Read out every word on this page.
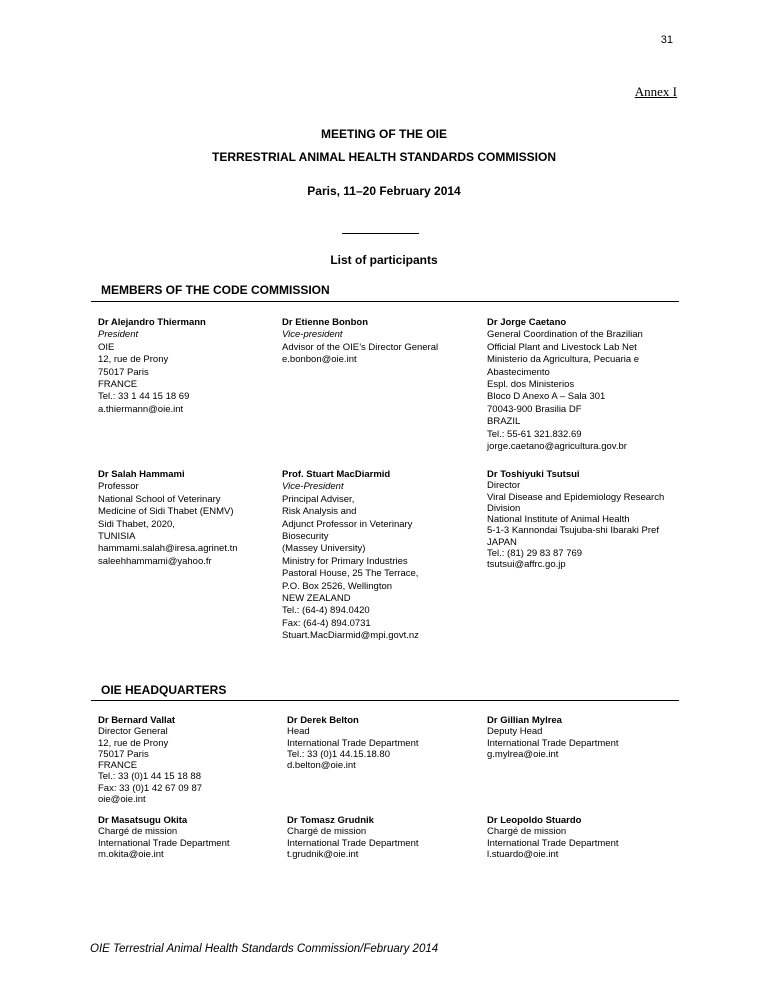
31
Annex I
MEETING OF THE OIE
TERRESTRIAL ANIMAL HEALTH STANDARDS COMMISSION
Paris, 11–20 February 2014
List of participants
MEMBERS OF THE CODE COMMISSION
Dr Alejandro Thiermann
President
OIE
12, rue de Prony
75017 Paris
FRANCE
Tel.: 33 1 44 15 18 69
a.thiermann@oie.int
Dr Etienne Bonbon
Vice-president
Advisor of the OIE’s Director General
e.bonbon@oie.int
Dr Jorge Caetano
General Coordination of the Brazilian
Official Plant and Livestock Lab Net
Ministerio da Agricultura, Pecuaria e
Abastecimento
Espl. dos Ministerios
Bloco D Anexo A – Sala 301
70043-900 Brasilia DF
BRAZIL
Tel.: 55-61 321.832.69
jorge.caetano@agricultura.gov.br
Dr Salah Hammami
Professor
National School of Veterinary
Medicine of Sidi Thabet (ENMV)
Sidi Thabet, 2020,
TUNISIA
hammami.salah@iresa.agrinet.tn
saleehhammami@yahoo.fr
Prof. Stuart MacDiarmid
Vice-President
Principal Adviser,
Risk Analysis and
Adjunct Professor in Veterinary
Biosecurity
(Massey University)
Ministry for Primary Industries
Pastoral House, 25 The Terrace,
P.O. Box 2526, Wellington
NEW ZEALAND
Tel.: (64-4) 894.0420
Fax: (64-4) 894.0731
Stuart.MacDiarmid@mpi.govt.nz
Dr Toshiyuki Tsutsui
Director
Viral Disease and Epidemiology Research
Division
National Institute of Animal Health
5-1-3 Kannondai Tsujuba-shi Ibaraki Pref
JAPAN
Tel.: (81) 29 83 87 769
tsutsui@affrc.go.jp
OIE HEADQUARTERS
Dr Bernard Vallat
Director General
12, rue de Prony
75017 Paris
FRANCE
Tel.: 33 (0)1 44 15 18 88
Fax: 33 (0)1 42 67 09 87
oie@oie.int
Dr Derek Belton
Head
International Trade Department
Tel.: 33 (0)1 44.15.18.80
d.belton@oie.int
Dr Gillian Mylrea
Deputy Head
International Trade Department
g.mylrea@oie.int
Dr Masatsugu Okita
Chargé de mission
International Trade Department
m.okita@oie.int
Dr Tomasz Grudnik
Chargé de mission
International Trade Department
t.grudnik@oie.int
Dr Leopoldo Stuardo
Chargé de mission
International Trade Department
l.stuardo@oie.int
OIE Terrestrial Animal Health Standards Commission/February 2014
